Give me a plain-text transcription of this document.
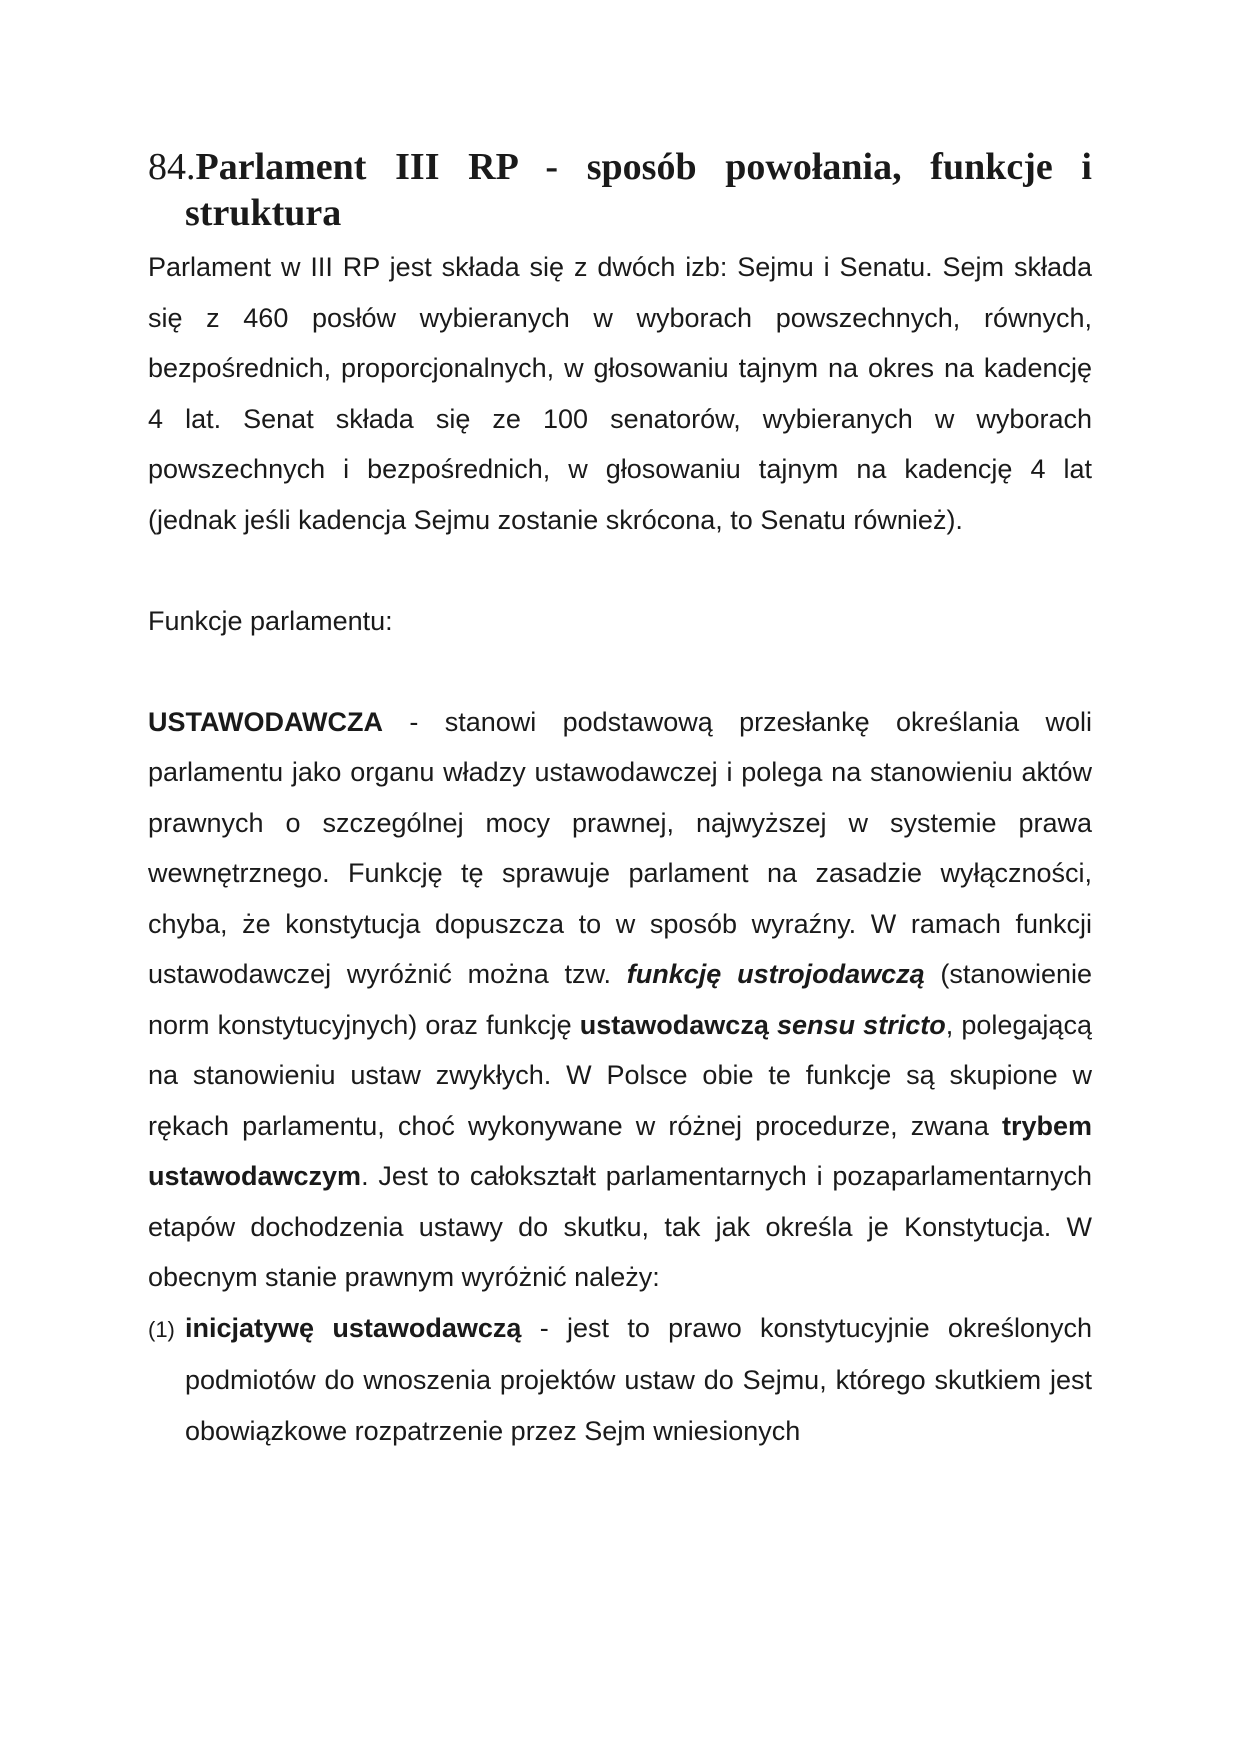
84.Parlament III RP - sposób powołania, funkcje i struktura

Parlament w III RP jest składa się z dwóch izb: Sejmu i Senatu. Sejm składa się z 460 posłów wybieranych w wyborach powszechnych, równych, bezpośrednich, proporcjonalnych, w głosowaniu tajnym na okres na kadencję 4 lat. Senat składa się ze 100 senatorów, wybieranych w wyborach powszechnych i bezpośrednich, w głosowaniu tajnym na kadencję 4 lat (jednak jeśli kadencja Sejmu zostanie skrócona, to Senatu również).

Funkcje parlamentu:

USTAWODAWCZA - stanowi podstawową przesłankę określania woli parlamentu jako organu władzy ustawodawczej i polega na stanowieniu aktów prawnych o szczególnej mocy prawnej, najwyższej w systemie prawa wewnętrznego. Funkcję tę sprawuje parlament na zasadzie wyłączności, chyba, że konstytucja dopuszcza to w sposób wyraźny. W ramach funkcji ustawodawczej wyróżnić można tzw. funkcję ustrojodawczą (stanowienie norm konstytucyjnych) oraz funkcję ustawodawczą sensu stricto, polegającą na stanowieniu ustaw zwykłych. W Polsce obie te funkcje są skupione w rękach parlamentu, choć wykonywane w różnej procedurze, zwana trybem ustawodawczym. Jest to całokształt parlamentarnych i pozaparlamentarnych etapów dochodzenia ustawy do skutku, tak jak określa je Konstytucja. W obecnym stanie prawnym wyróżnić należy:

(1) inicjatywę ustawodawczą - jest to prawo konstytucyjnie określonych podmiotów do wnoszenia projektów ustaw do Sejmu, którego skutkiem jest obowiązkowe rozpatrzenie przez Sejm wniesionych
